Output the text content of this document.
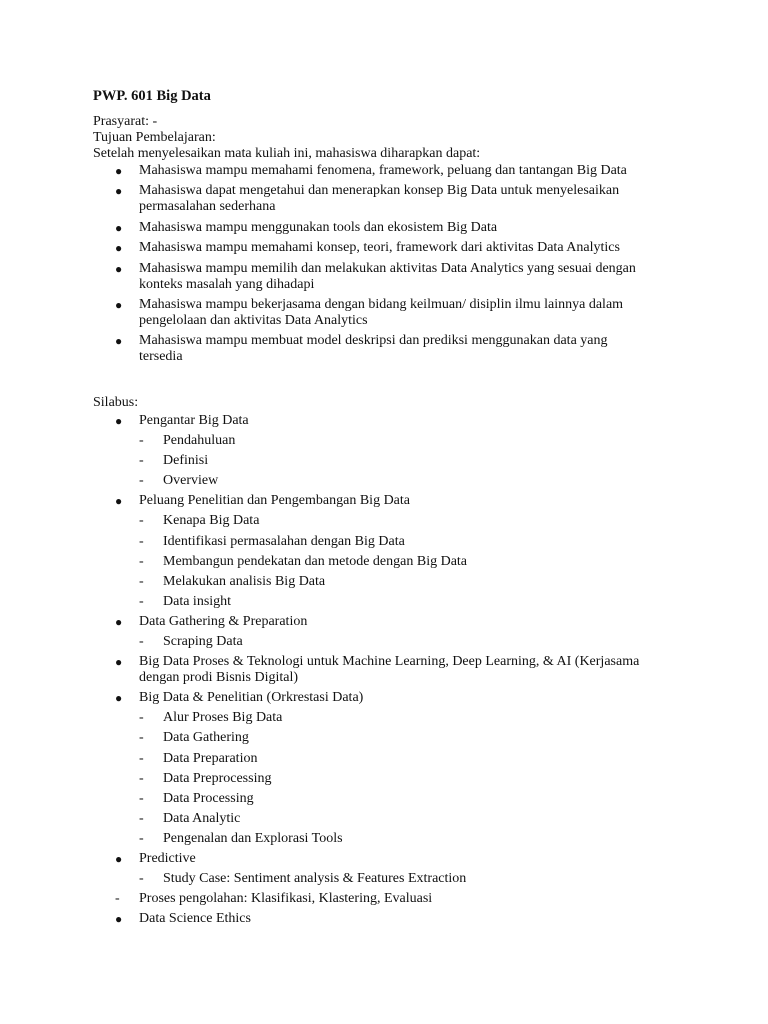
PWP. 601 Big Data
Prasyarat: -
Tujuan Pembelajaran:
Setelah menyelesaikan mata kuliah ini, mahasiswa diharapkan dapat:
● Mahasiswa mampu memahami fenomena, framework, peluang dan tantangan Big Data
● Mahasiswa dapat mengetahui dan menerapkan konsep Big Data untuk menyelesaikan
permasalahan sederhana
● Mahasiswa mampu menggunakan tools dan ekosistem Big Data
● Mahasiswa mampu memahami konsep, teori, framework dari aktivitas Data Analytics
● Mahasiswa mampu memilih dan melakukan aktivitas Data Analytics yang sesuai dengan
konteks masalah yang dihadapi
● Mahasiswa mampu bekerjasama dengan bidang keilmuan/ disiplin ilmu lainnya dalam
pengelolaan dan aktivitas Data Analytics
● Mahasiswa mampu membuat model deskripsi dan prediksi menggunakan data yang
tersedia
Silabus:
● Pengantar Big Data
- Pendahuluan
- Definisi
- Overview
● Peluang Penelitian dan Pengembangan Big Data
- Kenapa Big Data
- Identifikasi permasalahan dengan Big Data
- Membangun pendekatan dan metode dengan Big Data
- Melakukan analisis Big Data
- Data insight
● Data Gathering & Preparation
- Scraping Data
● Big Data Proses & Teknologi untuk Machine Learning, Deep Learning, & AI (Kerjasama
dengan prodi Bisnis Digital)
● Big Data & Penelitian (Orkrestasi Data)
- Alur Proses Big Data
- Data Gathering
- Data Preparation
- Data Preprocessing
- Data Processing
- Data Analytic
- Pengenalan dan Explorasi Tools
● Predictive
- Study Case: Sentiment analysis & Features Extraction
- Proses pengolahan: Klasifikasi, Klastering, Evaluasi
● Data Science Ethics
